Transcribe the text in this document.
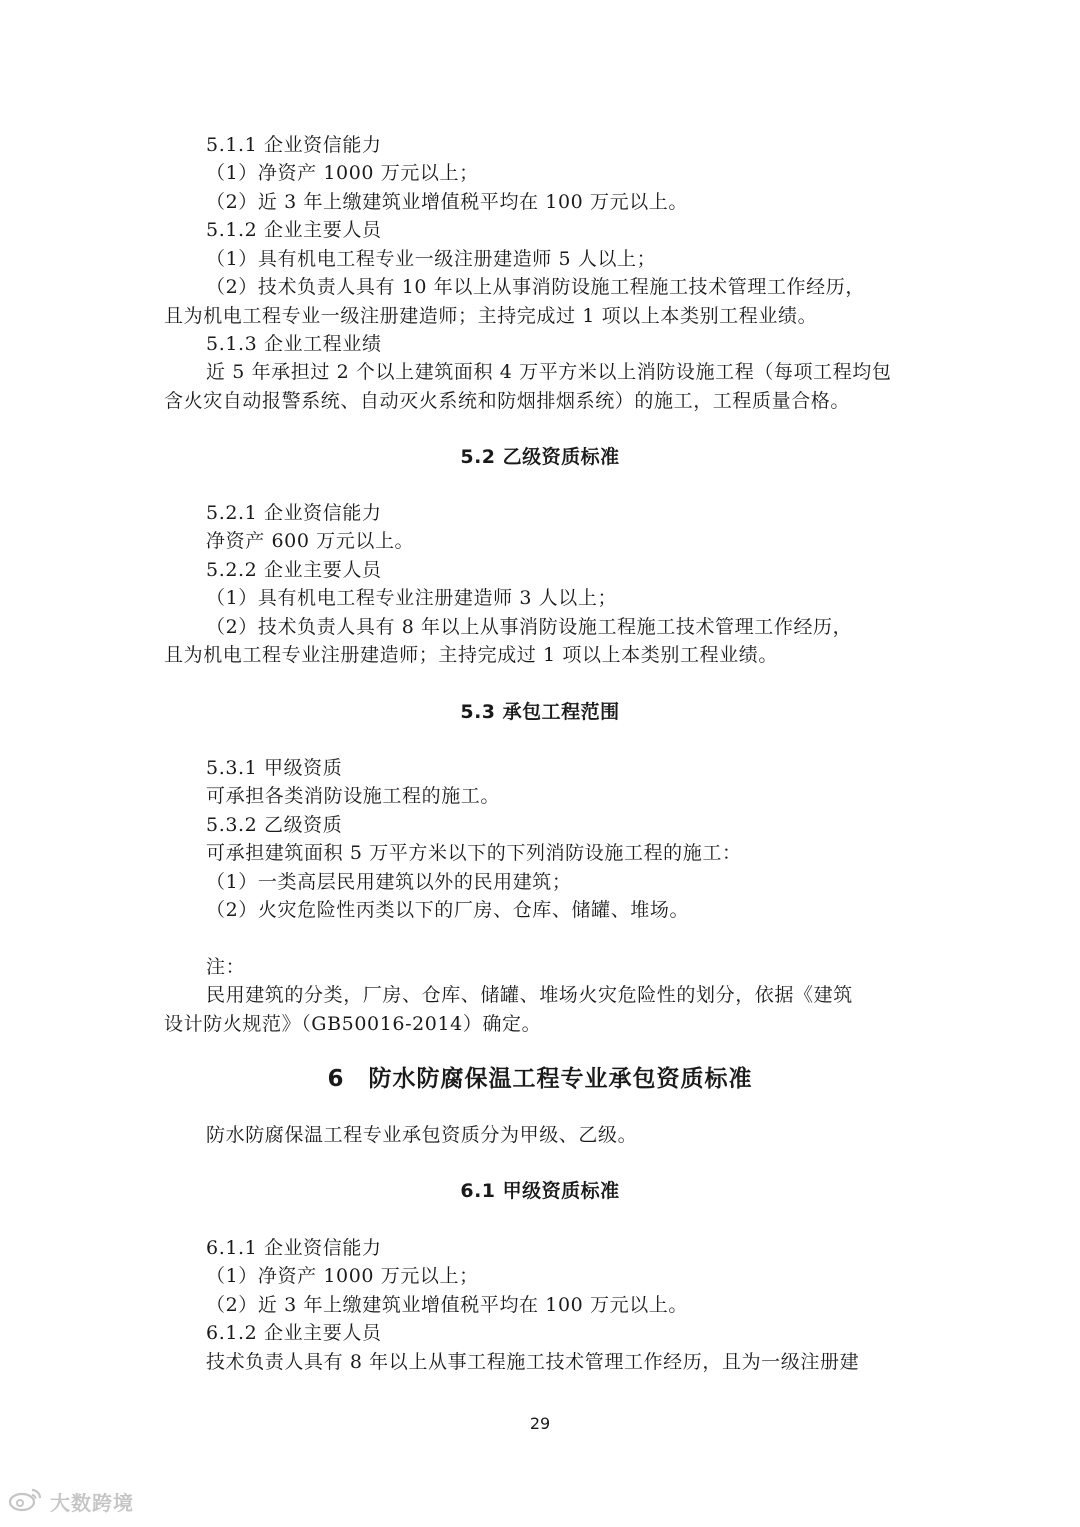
5.1.1 企业资信能力
（1）净资产 1000 万元以上；
（2）近 3 年上缴建筑业增值税平均在 100 万元以上。
5.1.2 企业主要人员
（1）具有机电工程专业一级注册建造师 5 人以上；
（2）技术负责人具有 10 年以上从事消防设施工程施工技术管理工作经历，
且为机电工程专业一级注册建造师；主持完成过 1 项以上本类别工程业绩。
5.1.3 企业工程业绩
近 5 年承担过 2 个以上建筑面积 4 万平方米以上消防设施工程（每项工程均包
含火灾自动报警系统、自动灭火系统和防烟排烟系统）的施工，工程质量合格。
5.2 乙级资质标准
5.2.1 企业资信能力
净资产 600 万元以上。
5.2.2 企业主要人员
（1）具有机电工程专业注册建造师 3 人以上；
（2）技术负责人具有 8 年以上从事消防设施工程施工技术管理工作经历，
且为机电工程专业注册建造师；主持完成过 1 项以上本类别工程业绩。
5.3 承包工程范围
5.3.1 甲级资质
可承担各类消防设施工程的施工。
5.3.2 乙级资质
可承担建筑面积 5 万平方米以下的下列消防设施工程的施工：
（1）一类高层民用建筑以外的民用建筑；
（2）火灾危险性丙类以下的厂房、仓库、储罐、堆场。
注：
民用建筑的分类，厂房、仓库、储罐、堆场火灾危险性的划分，依据《建筑
设计防火规范》（GB50016-2014）确定。
6　防水防腐保温工程专业承包资质标准
防水防腐保温工程专业承包资质分为甲级、乙级。
6.1 甲级资质标准
6.1.1 企业资信能力
（1）净资产 1000 万元以上；
（2）近 3 年上缴建筑业增值税平均在 100 万元以上。
6.1.2 企业主要人员
技术负责人具有 8 年以上从事工程施工技术管理工作经历，且为一级注册建
29
大数跨境
